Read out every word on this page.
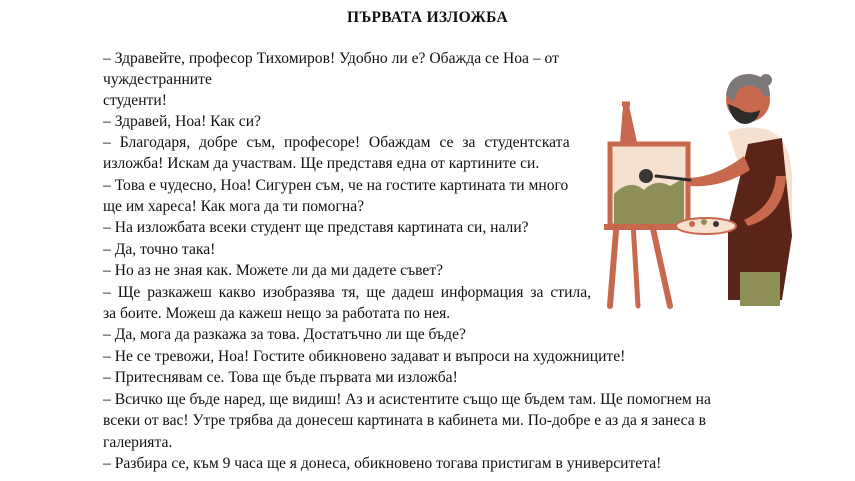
ПЪРВАТА ИЗЛОЖБА
– Здравейте, професор Тихомиров! Удобно ли е? Обажда се Ноа – от
чуждестранните
студенти!
– Здравей, Ноа! Как си?
– Благодаря, добре съм, професоре! Обаждам се за студентската
изложба! Искам да участвам. Ще представя една от картините си.
– Това е чудесно, Ноа! Сигурен съм, че на гостите картината ти много
ще им хареса! Как мога да ти помогна?
– На изложбата всеки студент ще представя картината си, нали?
– Да, точно така!
– Но аз не зная как. Можете ли да ми дадете съвет?
– Ще разкажеш какво изобразява тя, ще дадеш информация за стила,
за боите. Можеш да кажеш нещо за работата по нея.
– Да, мога да разкажа за това. Достатъчно ли ще бъде?
– Не се тревожи, Ноа! Гостите обикновено задават и въпроси на художниците!
– Притеснявам се. Това ще бъде първата ми изложба!
– Всичко ще бъде наред, ще видиш! Аз и асистентите също ще бъдем там. Ще помогнем на
всеки от вас! Утре трябва да донесеш картината в кабинета ми. По-добре е аз да я занеса в
галерията.
– Разбира се, към 9 часа ще я донеса, обикновено тогава пристигам в университета!
